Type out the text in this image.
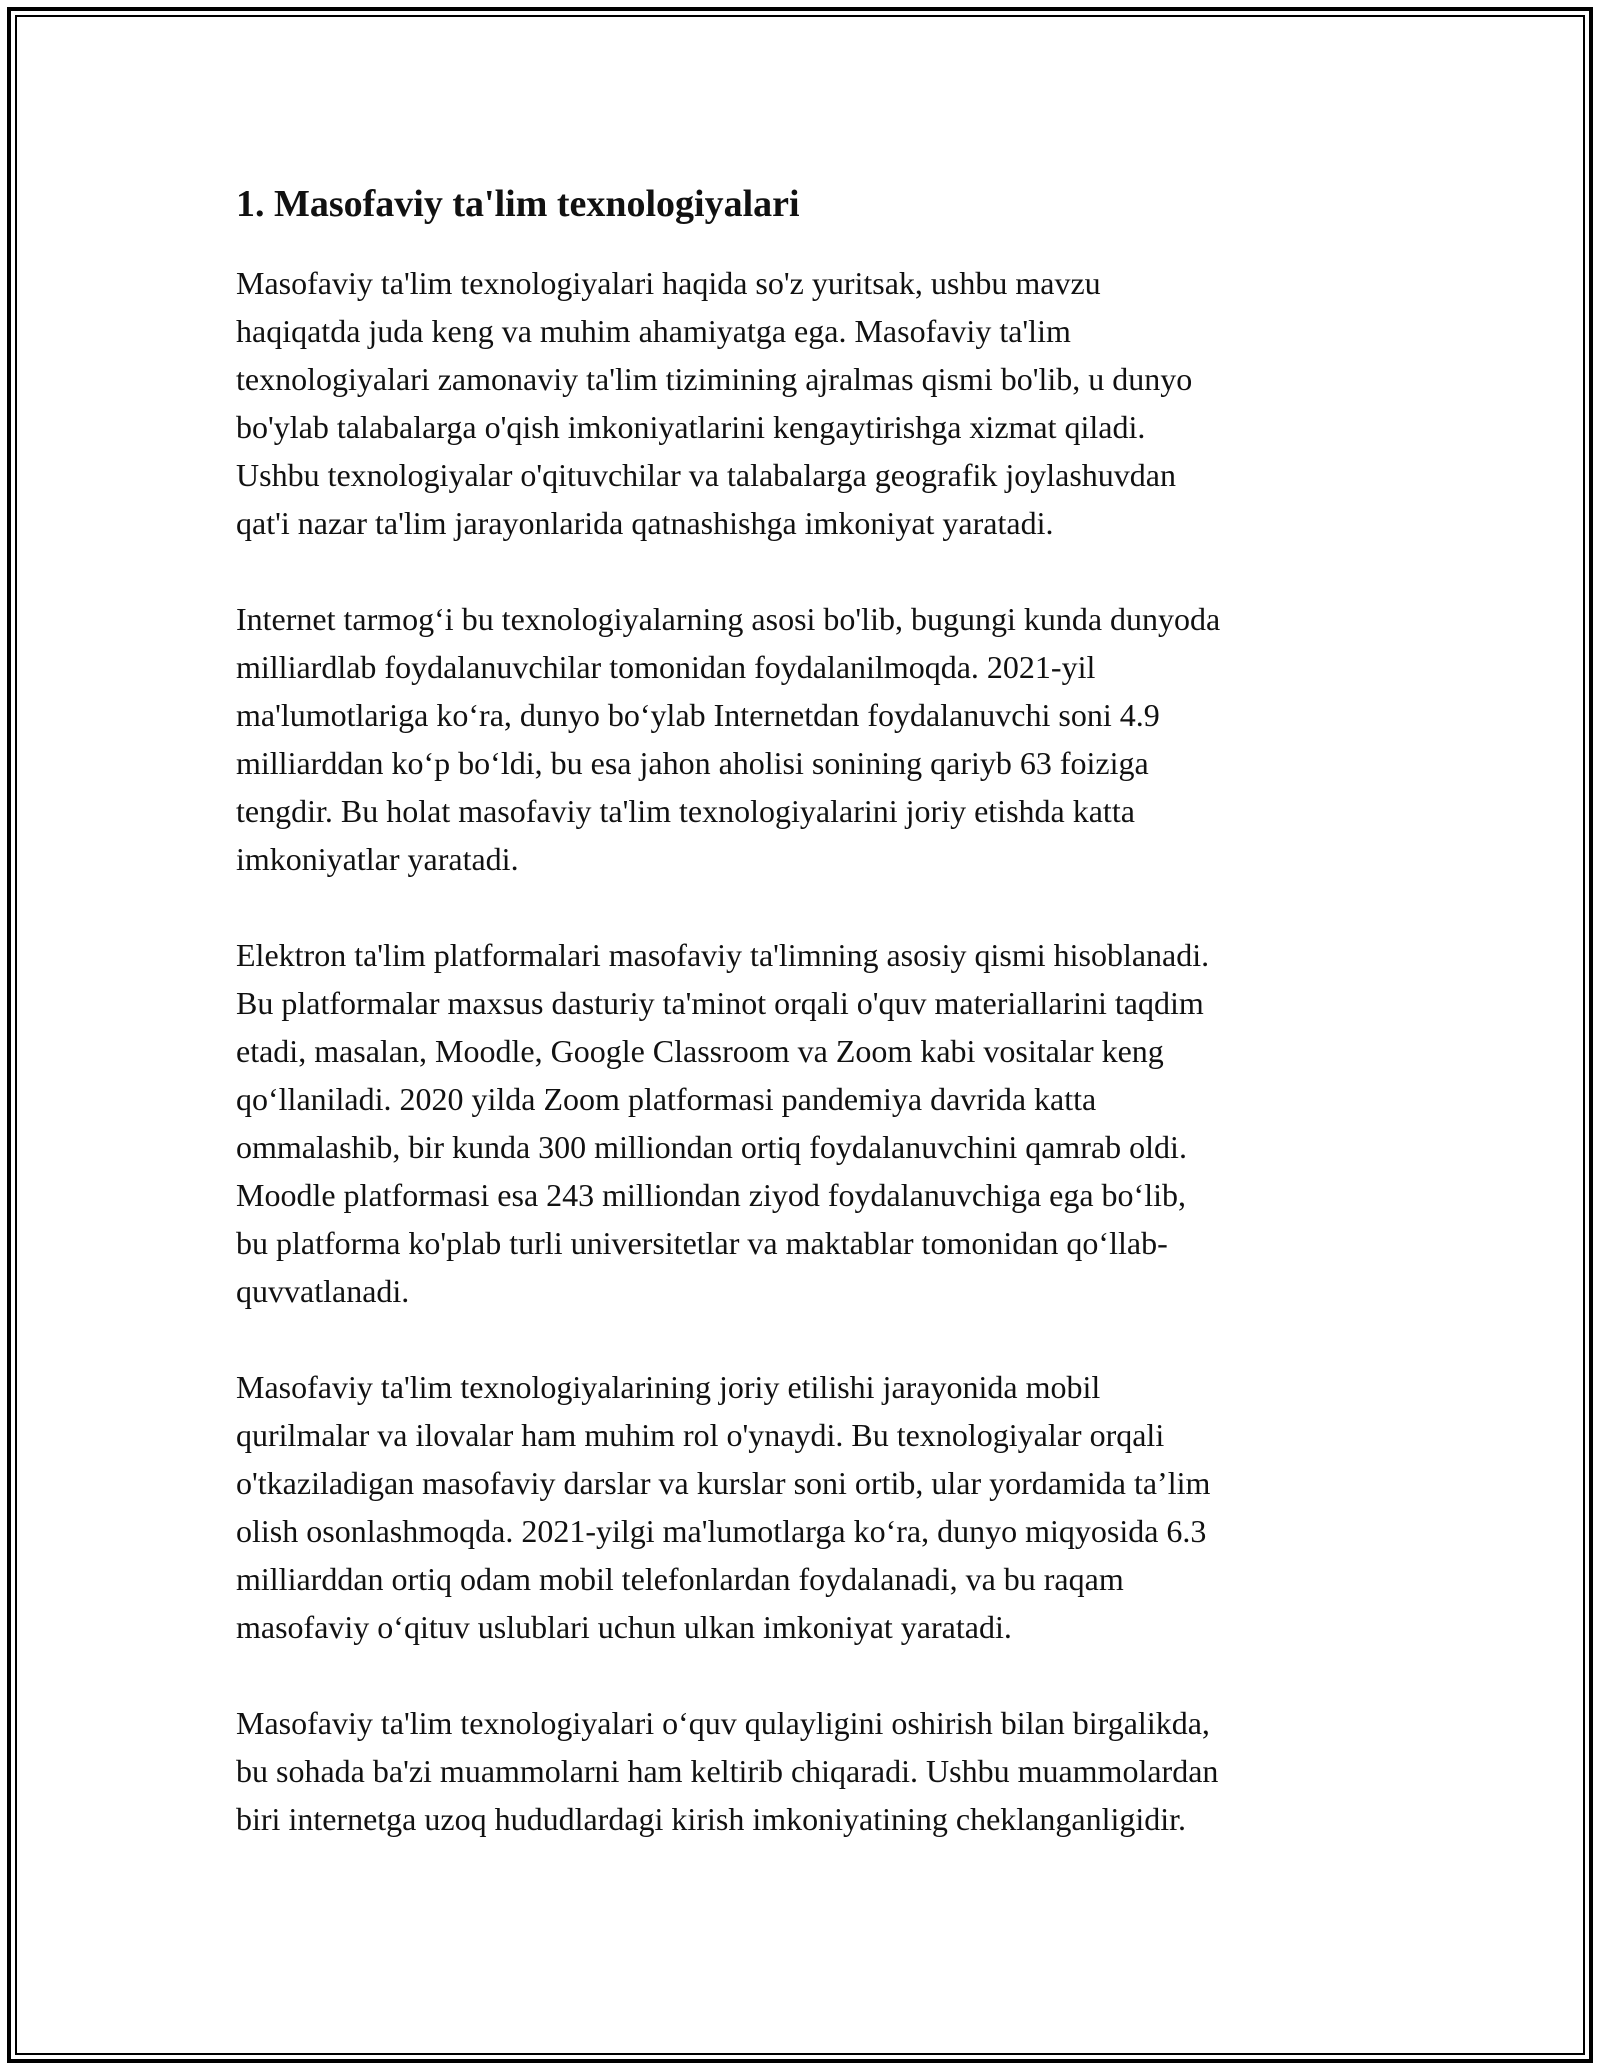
1. Masofaviy ta'lim texnologiyalari

Masofaviy ta'lim texnologiyalari haqida so'z yuritsak, ushbu mavzu
haqiqatda juda keng va muhim ahamiyatga ega. Masofaviy ta'lim
texnologiyalari zamonaviy ta'lim tizimining ajralmas qismi bo'lib, u dunyo
bo'ylab talabalarga o'qish imkoniyatlarini kengaytirishga xizmat qiladi.
Ushbu texnologiyalar o'qituvchilar va talabalarga geografik joylashuvdan
qat'i nazar ta'lim jarayonlarida qatnashishga imkoniyat yaratadi.

Internet tarmog‘i bu texnologiyalarning asosi bo'lib, bugungi kunda dunyoda
milliardlab foydalanuvchilar tomonidan foydalanilmoqda. 2021-yil
ma'lumotlariga ko‘ra, dunyo bo‘ylab Internetdan foydalanuvchi soni 4.9
milliarddan ko‘p bo‘ldi, bu esa jahon aholisi sonining qariyb 63 foiziga
tengdir. Bu holat masofaviy ta'lim texnologiyalarini joriy etishda katta
imkoniyatlar yaratadi.

Elektron ta'lim platformalari masofaviy ta'limning asosiy qismi hisoblanadi.
Bu platformalar maxsus dasturiy ta'minot orqali o'quv materiallarini taqdim
etadi, masalan, Moodle, Google Classroom va Zoom kabi vositalar keng
qo‘llaniladi. 2020 yilda Zoom platformasi pandemiya davrida katta
ommalashib, bir kunda 300 milliondan ortiq foydalanuvchini qamrab oldi.
Moodle platformasi esa 243 milliondan ziyod foydalanuvchiga ega bo‘lib,
bu platforma ko'plab turli universitetlar va maktablar tomonidan qo‘llab-
quvvatlanadi.

Masofaviy ta'lim texnologiyalarining joriy etilishi jarayonida mobil
qurilmalar va ilovalar ham muhim rol o'ynaydi. Bu texnologiyalar orqali
o'tkaziladigan masofaviy darslar va kurslar soni ortib, ular yordamida ta’lim
olish osonlashmoqda. 2021-yilgi ma'lumotlarga ko‘ra, dunyo miqyosida 6.3
milliarddan ortiq odam mobil telefonlardan foydalanadi, va bu raqam
masofaviy o‘qituv uslublari uchun ulkan imkoniyat yaratadi.

Masofaviy ta'lim texnologiyalari o‘quv qulayligini oshirish bilan birgalikda,
bu sohada ba'zi muammolarni ham keltirib chiqaradi. Ushbu muammolardan
biri internetga uzoq hududlardagi kirish imkoniyatining cheklanganligidir.
